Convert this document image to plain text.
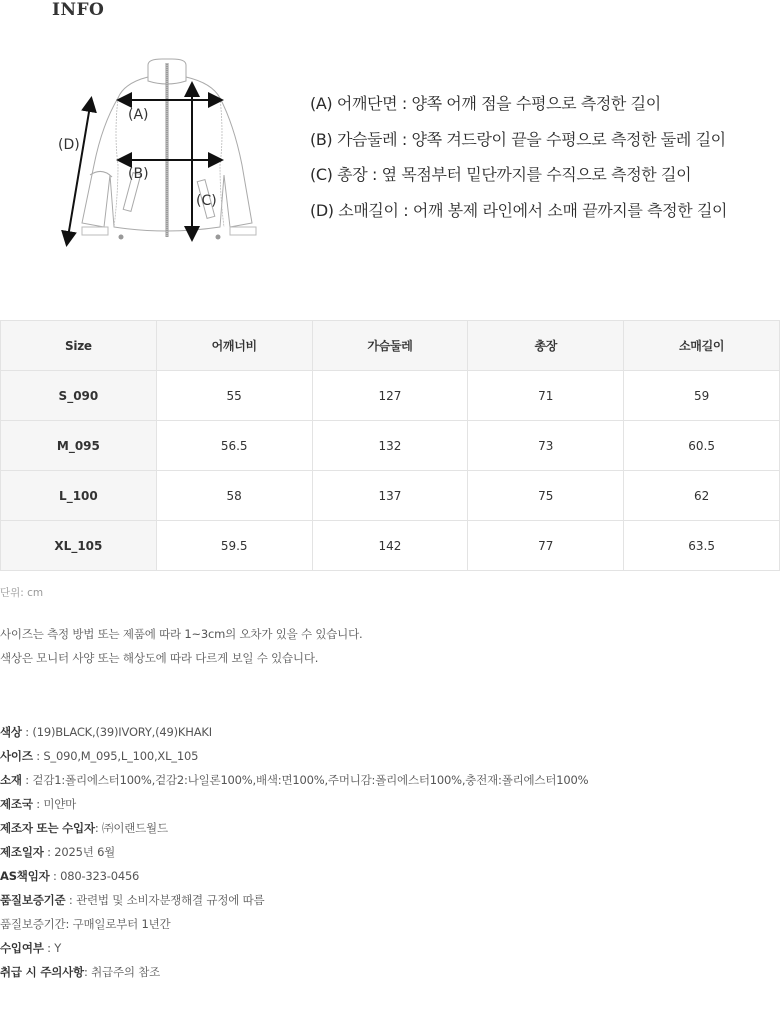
INFO
(A)
(B)
(C)
(D)
(A) 어깨단면 : 양쪽 어깨 점을 수평으로 측정한 길이
(B) 가슴둘레 : 양쪽 겨드랑이 끝을 수평으로 측정한 둘레 길이
(C) 총장 : 옆 목점부터 밑단까지를 수직으로 측정한 길이
(D) 소매길이 : 어깨 봉제 라인에서 소매 끝까지를 측정한 길이
Size	어깨너비	가슴둘레	총장	소매길이
S_090	55	127	71	59
M_095	56.5	132	73	60.5
L_100	58	137	75	62
XL_105	59.5	142	77	63.5
단위: cm
사이즈는 측정 방법 또는 제품에 따라 1~3cm의 오차가 있을 수 있습니다.
색상은 모니터 사양 또는 해상도에 따라 다르게 보일 수 있습니다.
색상 : (19)BLACK,(39)IVORY,(49)KHAKI
사이즈 : S_090,M_095,L_100,XL_105
소재 : 겉감1:폴리에스터100%,겉감2:나일론100%,배색:면100%,주머니감:폴리에스터100%,충전재:폴리에스터100%
제조국 : 미얀마
제조자 또는 수입자: ㈜이랜드월드
제조일자 : 2025년 6월
AS책임자 : 080-323-0456
품질보증기준 : 관련법 및 소비자분쟁해결 규정에 따름
품질보증기간: 구매일로부터 1년간
수입여부 : Y
취급 시 주의사항: 취급주의 참조
